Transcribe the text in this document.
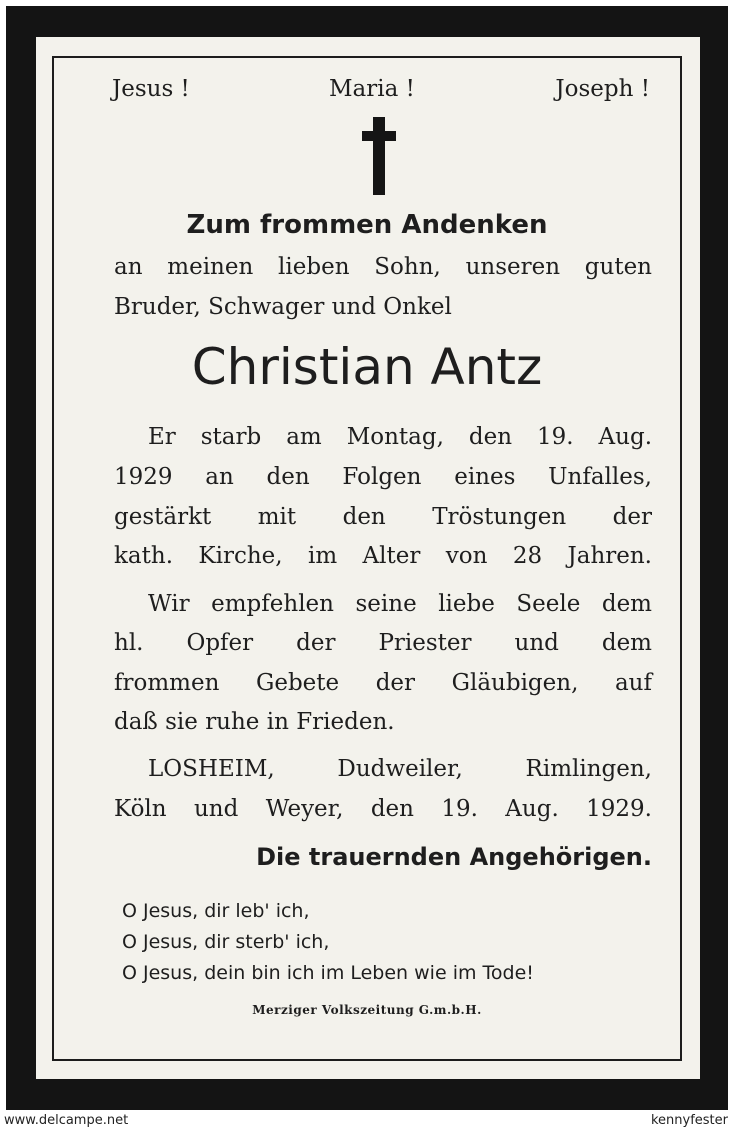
Jesus !	Maria !	Joseph !
Zum frommen Andenken
an meinen lieben Sohn, unseren guten
Bruder, Schwager und Onkel
Christian Antz
Er starb am Montag, den 19. Aug.
1929 an den Folgen eines Unfalles,
gestärkt mit den Tröstungen der
kath. Kirche, im Alter von 28 Jahren.
Wir empfehlen seine liebe Seele dem
hl. Opfer der Priester und dem
frommen Gebete der Gläubigen, auf
daß sie ruhe in Frieden.
LOSHEIM, Dudweiler, Rimlingen,
Köln und Weyer, den 19. Aug. 1929.
Die trauernden Angehörigen.
O Jesus, dir leb' ich,
O Jesus, dir sterb' ich,
O Jesus, dein bin ich im Leben wie im Tode!
Merziger Volkszeitung G.m.b.H.
www.delcampe.net	kennyfester
